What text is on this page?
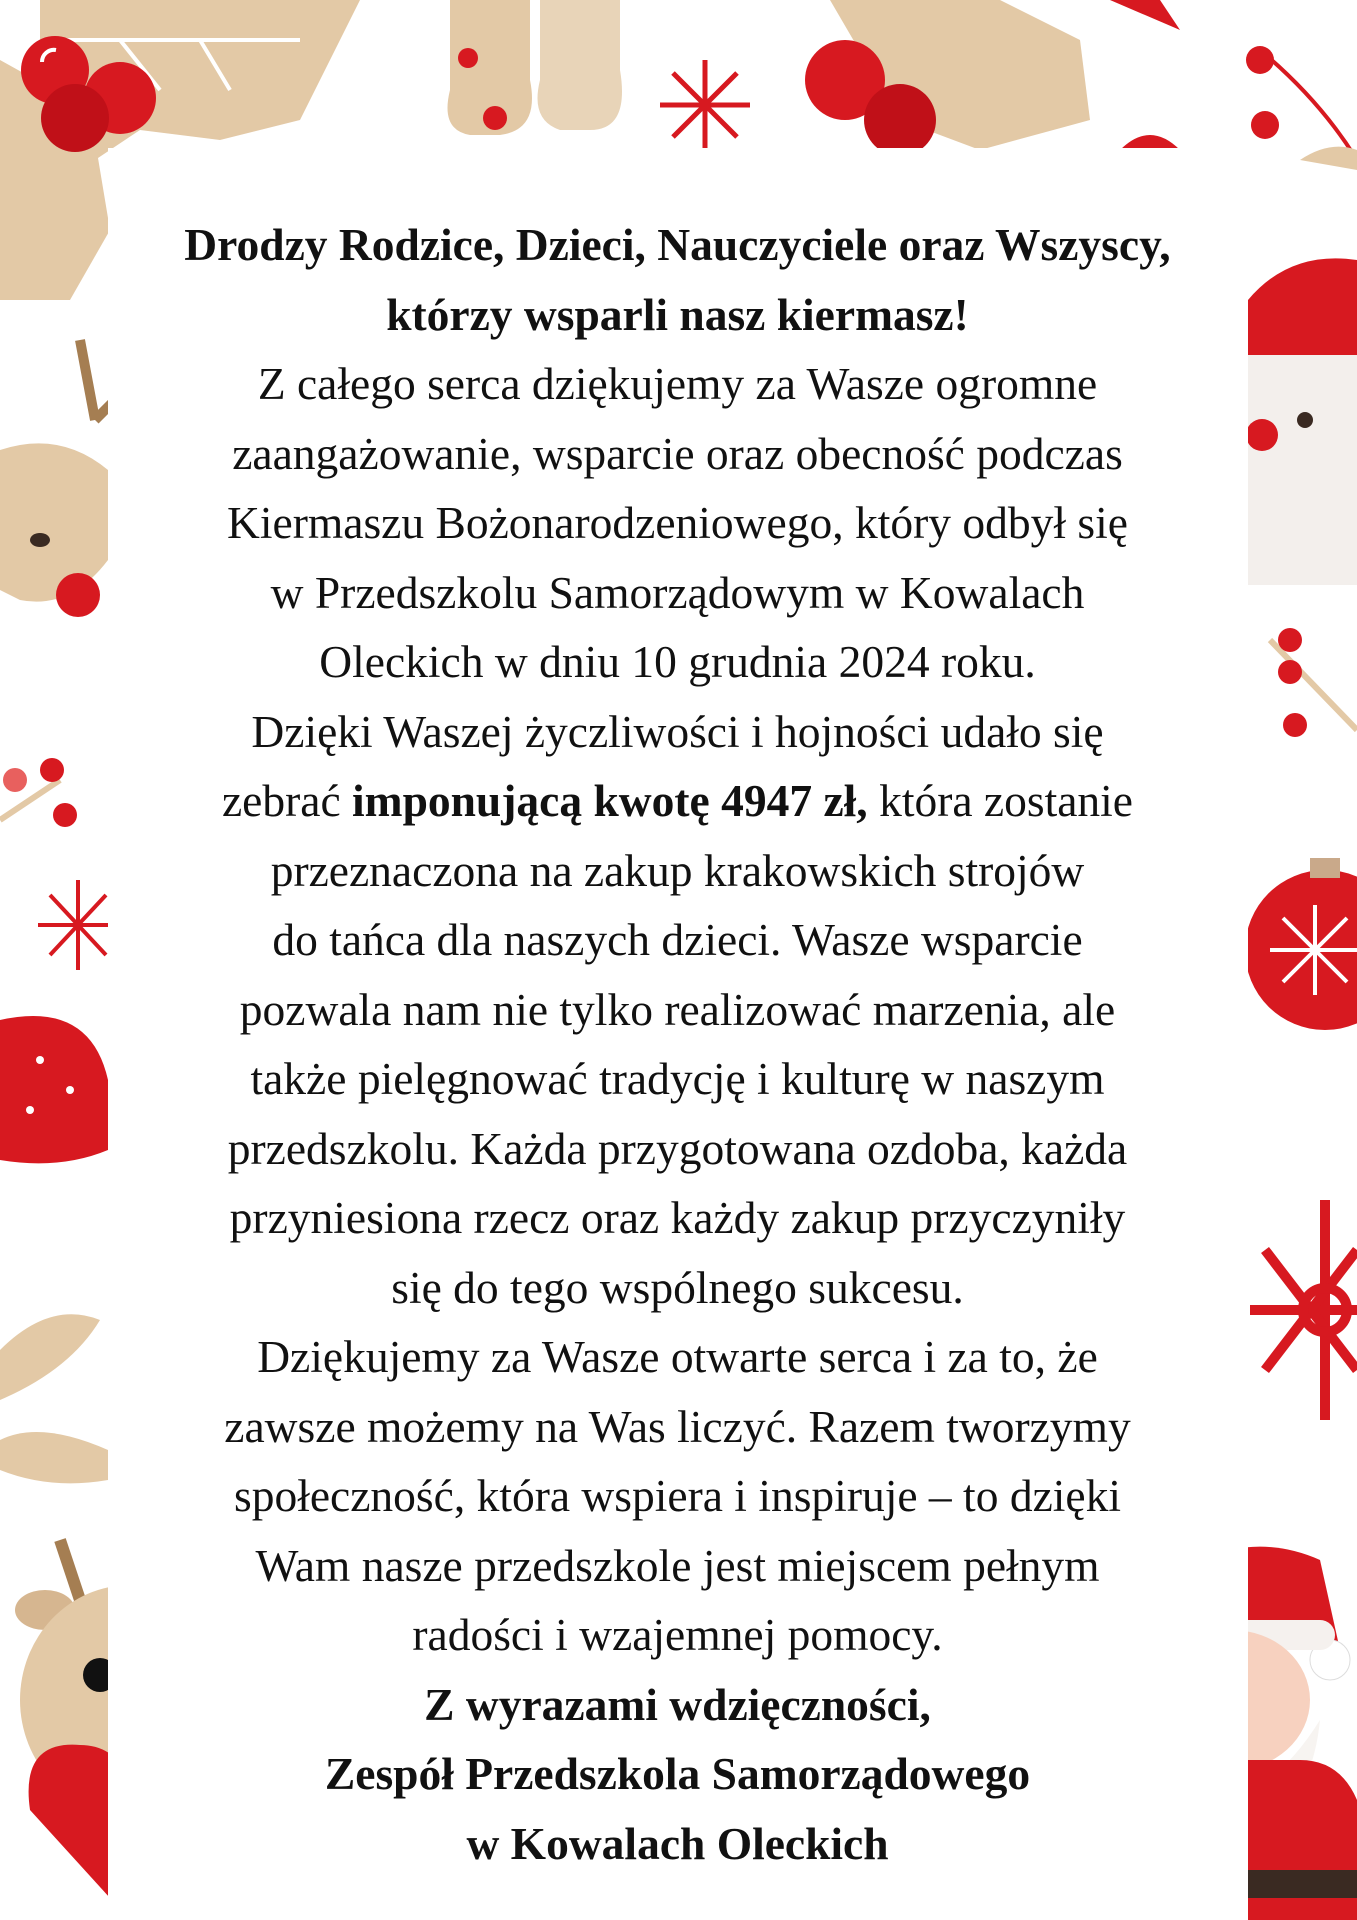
Drodzy Rodzice, Dzieci, Nauczyciele oraz Wszyscy,

którzy wsparli nasz kiermasz!

Z całego serca dziękujemy za Wasze ogromne

zaangażowanie, wsparcie oraz obecność podczas

Kiermaszu Bożonarodzeniowego, który odbył się

w Przedszkolu Samorządowym w Kowalach

Oleckich w dniu 10 grudnia 2024 roku.

Dzięki Waszej życzliwości i hojności udało się

zebrać imponującą kwotę 4947 zł, która zostanie

przeznaczona na zakup krakowskich strojów

do tańca dla naszych dzieci. Wasze wsparcie

pozwala nam nie tylko realizować marzenia, ale

także pielęgnować tradycję i kulturę w naszym

przedszkolu. Każda przygotowana ozdoba, każda

przyniesiona rzecz oraz każdy zakup przyczyniły

się do tego wspólnego sukcesu.

Dziękujemy za Wasze otwarte serca i za to, że

zawsze możemy na Was liczyć. Razem tworzymy

społeczność, która wspiera i inspiruje – to dzięki

Wam nasze przedszkole jest miejscem pełnym

radości i wzajemnej pomocy.

Z wyrazami wdzięczności,

Zespół Przedszkola Samorządowego

w Kowalach Oleckich
